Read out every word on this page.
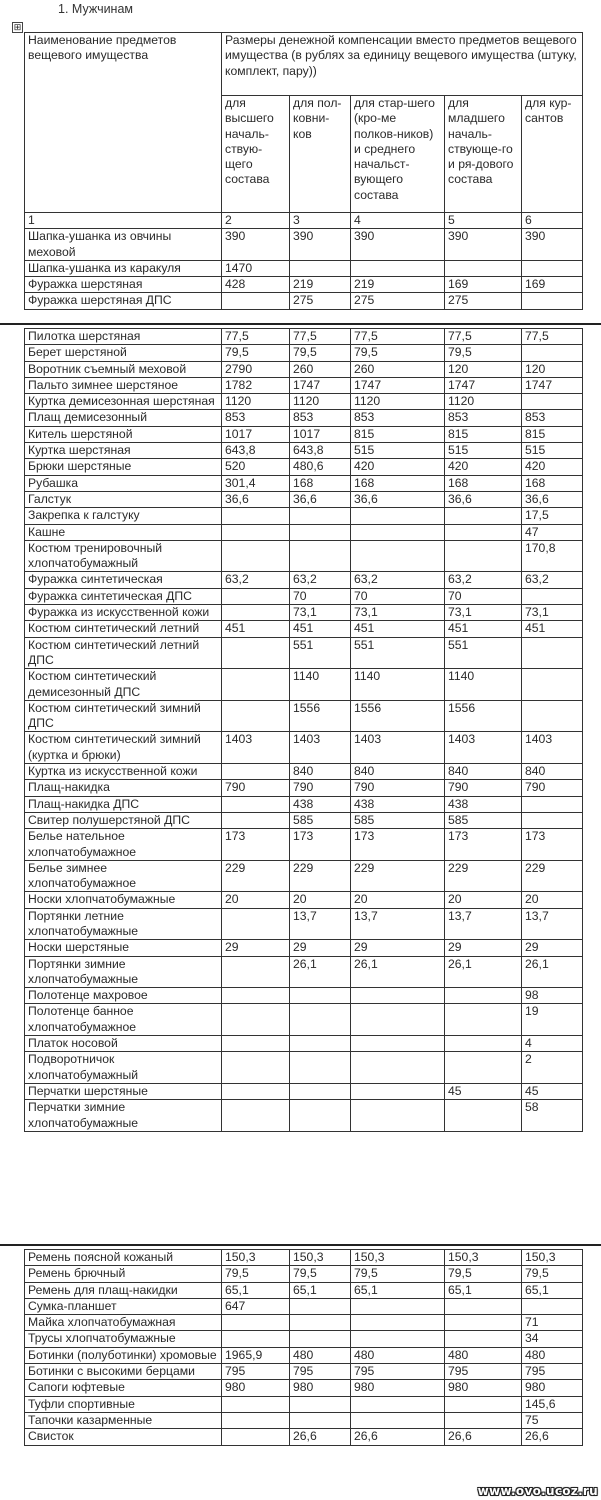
1. Мужчинам
⊞
Наименование предметов вещевого имущества	Размеры денежной компенсации вместо предметов вещевого имущества (в рублях за единицу вещевого имущества (штуку, комплект, пару))				
	для высшего началь-ствую-щего состава	для пол-ковни-ков	для стар-шего (кро-ме полков-ников) и среднего начальст-вующего состава	для младшего началь-ствующе-го и ря-дового состава	для кур-сантов
1	2	3	4	5	6
Шапка-ушанка из овчины меховой	390	390	390	390	390
Шапка-ушанка из каракуля	1470				
Фуражка шерстяная	428	219	219	169	169
Фуражка шерстяная ДПС		275	275	275	
Пилотка шерстяная	77,5	77,5	77,5	77,5	77,5
Берет шерстяной	79,5	79,5	79,5	79,5	
Воротник съемный меховой	2790	260	260	120	120
Пальто зимнее шерстяное	1782	1747	1747	1747	1747
Куртка демисезонная шерстяная	1120	1120	1120	1120	
Плащ демисезонный	853	853	853	853	853
Китель шерстяной	1017	1017	815	815	815
Куртка шерстяная	643,8	643,8	515	515	515
Брюки шерстяные	520	480,6	420	420	420
Рубашка	301,4	168	168	168	168
Галстук	36,6	36,6	36,6	36,6	36,6
Закрепка к галстуку					17,5
Кашне					47
Костюм тренировочный хлопчатобумажный					170,8
Фуражка синтетическая	63,2	63,2	63,2	63,2	63,2
Фуражка синтетическая ДПС		70	70	70	
Фуражка из искусственной кожи		73,1	73,1	73,1	73,1
Костюм синтетический летний	451	451	451	451	451
Костюм синтетический летний ДПС		551	551	551	
Костюм синтетический демисезонный ДПС		1140	1140	1140	
Костюм синтетический зимний ДПС		1556	1556	1556	
Костюм синтетический зимний (куртка и брюки)	1403	1403	1403	1403	1403
Куртка из искусственной кожи		840	840	840	840
Плащ-накидка	790	790	790	790	790
Плащ-накидка ДПС		438	438	438	
Свитер полушерстяной ДПС		585	585	585	
Белье нательное хлопчатобумажное	173	173	173	173	173
Белье зимнее хлопчатобумажное	229	229	229	229	229
Носки хлопчатобумажные	20	20	20	20	20
Портянки летние хлопчатобумажные		13,7	13,7	13,7	13,7
Носки шерстяные	29	29	29	29	29
Портянки зимние хлопчатобумажные		26,1	26,1	26,1	26,1
Полотенце махровое					98
Полотенце банное хлопчатобумажное					19
Платок носовой					4
Подворотничок хлопчатобумажный					2
Перчатки шерстяные				45	45
Перчатки зимние хлопчатобумажные					58
Ремень поясной кожаный	150,3	150,3	150,3	150,3	150,3
Ремень брючный	79,5	79,5	79,5	79,5	79,5
Ремень для плащ-накидки	65,1	65,1	65,1	65,1	65,1
Сумка-планшет	647				
Майка хлопчатобумажная					71
Трусы хлопчатобумажные					34
Ботинки (полуботинки) хромовые	1965,9	480	480	480	480
Ботинки с высокими берцами	795	795	795	795	795
Сапоги юфтевые	980	980	980	980	980
Туфли спортивные					145,6
Тапочки казарменные					75
Свисток		26,6	26,6	26,6	26,6
www.ovo.ucoz.ru
